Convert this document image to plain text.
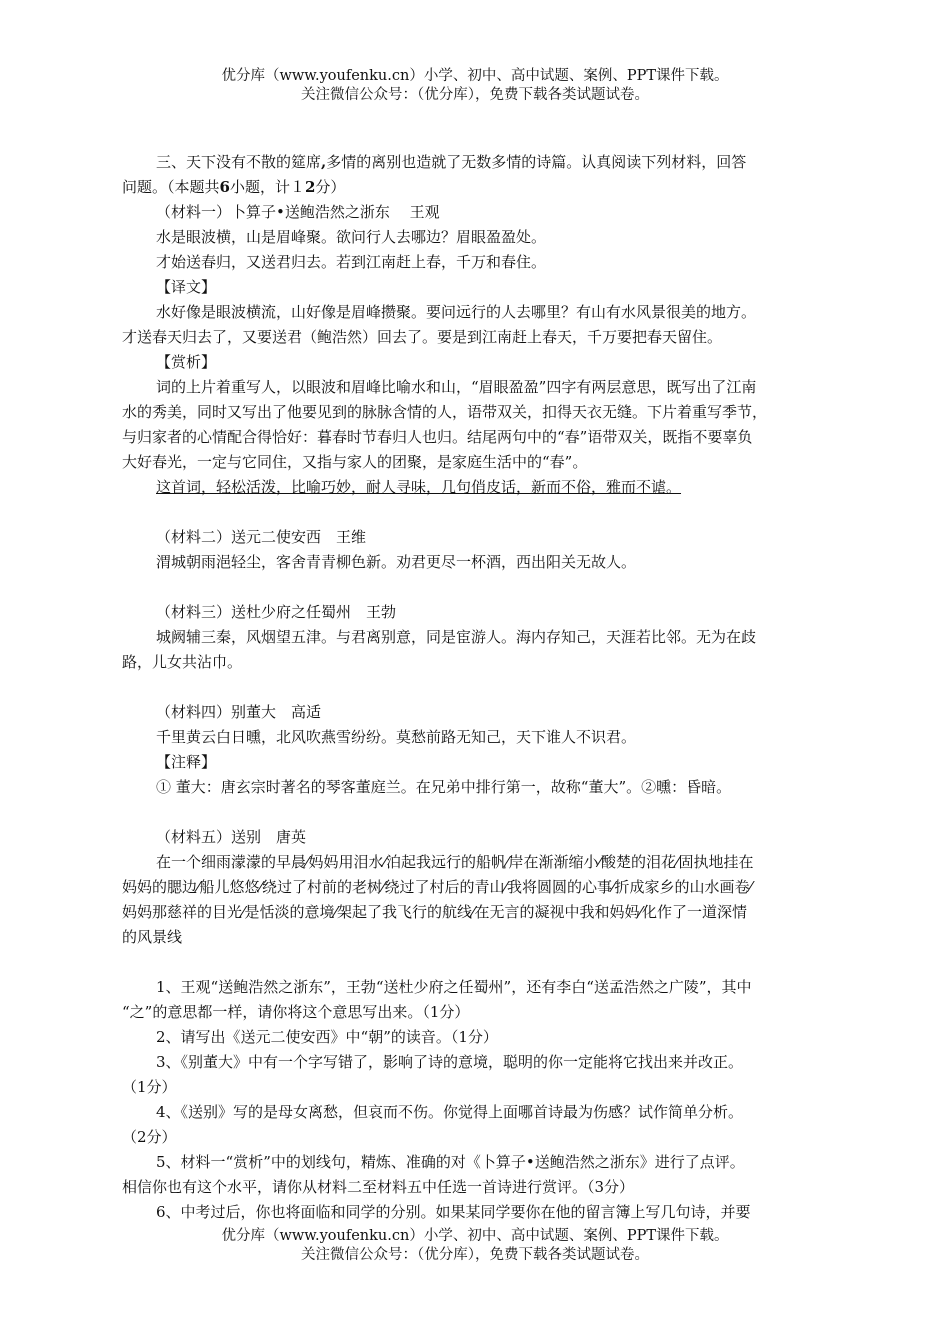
优分库（www.youfenku.cn）小学、初中、高中试题、案例、PPT课件下载。
关注微信公众号：（优分库），免费下载各类试题试卷。
三、天下没有不散的筵席,多情的离别也造就了无数多情的诗篇。认真阅读下列材料，回答
问题。（本题共6小题，计１2分）
（材料一）卜算子•送鲍浩然之浙东　 王观
水是眼波横，山是眉峰聚。欲问行人去哪边？眉眼盈盈处。
才始送春归，又送君归去。若到江南赶上春，千万和春住。
【译文】
水好像是眼波横流，山好像是眉峰攒聚。要问远行的人去哪里？有山有水风景很美的地方。
才送春天归去了，又要送君（鲍浩然）回去了。要是到江南赶上春天，千万要把春天留住。
【赏析】
词的上片着重写人，以眼波和眉峰比喻水和山，“眉眼盈盈”四字有两层意思，既写出了江南
水的秀美，同时又写出了他要见到的脉脉含情的人，语带双关，扣得天衣无缝。下片着重写季节，
与归家者的心情配合得恰好：暮春时节春归人也归。结尾两句中的“春”语带双关，既指不要辜负
大好春光，一定与它同住，又指与家人的团聚，是家庭生活中的“春”。
这首词，轻松活泼，比喻巧妙，耐人寻味，几句俏皮话，新而不俗，雅而不谑。
（材料二）送元二使安西　王维
渭城朝雨浥轻尘，客舍青青柳色新。劝君更尽一杯酒，西出阳关无故人。
（材料三）送杜少府之任蜀州　王勃
城阙辅三秦，风烟望五津。与君离别意，同是宦游人。海内存知己，天涯若比邻。无为在歧
路，儿女共沾巾。
（材料四）别董大　高适
千里黄云白日曛，北风吹燕雪纷纷。莫愁前路无知己，天下谁人不识君。
【注释】
① 董大：唐玄宗时著名的琴客董庭兰。在兄弟中排行第一，故称“董大”。②曛：昏暗。
（材料五）送别　唐英
在一个细雨濛濛的早晨⁄妈妈用泪水⁄泊起我远行的船帆⁄岸在渐渐缩小⁄酸楚的泪花⁄固执地挂在
妈妈的腮边⁄船儿悠悠⁄绕过了村前的老树⁄绕过了村后的青山⁄我将圆圆的心事⁄折成家乡的山水画卷⁄
妈妈那慈祥的目光⁄是恬淡的意境⁄架起了我飞行的航线⁄在无言的凝视中我和妈妈⁄化作了一道深情
的风景线
1、王观“送鲍浩然之浙东”，王勃“送杜少府之任蜀州”，还有李白“送孟浩然之广陵”，其中
“之”的意思都一样，请你将这个意思写出来。（1分）
2、请写出《送元二使安西》中“朝”的读音。（1分）
3、《别董大》中有一个字写错了，影响了诗的意境，聪明的你一定能将它找出来并改正。
（1分）
4、《送别》写的是母女离愁，但哀而不伤。你觉得上面哪首诗最为伤感？试作简单分析。
（2分）
5、材料一“赏析”中的划线句，精炼、准确的对《卜算子•送鲍浩然之浙东》进行了点评。
相信你也有这个水平，请你从材料二至材料五中任选一首诗进行赏评。（3分）
6、中考过后，你也将面临和同学的分别。如果某同学要你在他的留言簿上写几句诗，并要
优分库（www.youfenku.cn）小学、初中、高中试题、案例、PPT课件下载。
关注微信公众号：（优分库），免费下载各类试题试卷。
